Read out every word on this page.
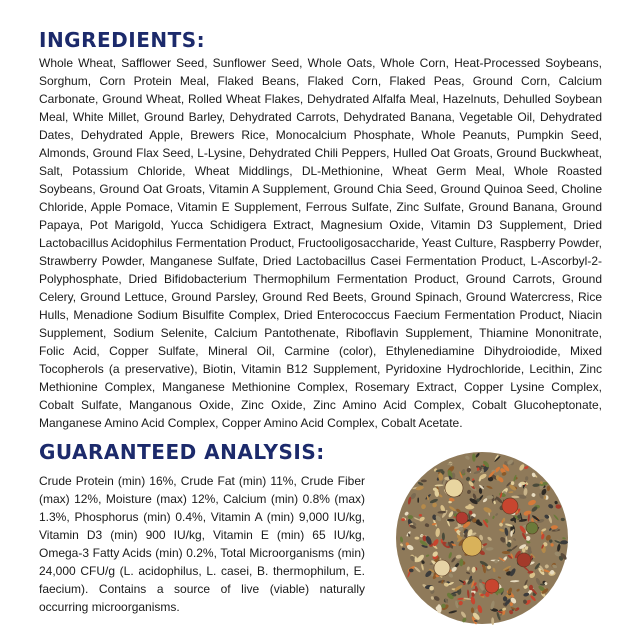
INGREDIENTS:

Whole Wheat, Safflower Seed, Sunflower Seed, Whole Oats, Whole Corn, Heat-Processed Soybeans, Sorghum, Corn Protein Meal, Flaked Beans, Flaked Corn, Flaked Peas, Ground Corn, Calcium Carbonate, Ground Wheat, Rolled Wheat Flakes, Dehydrated Alfalfa Meal, Hazelnuts, Dehulled Soybean Meal, White Millet, Ground Barley, Dehydrated Carrots, Dehydrated Banana, Vegetable Oil, Dehydrated Dates, Dehydrated Apple, Brewers Rice, Monocalcium Phosphate, Whole Peanuts, Pumpkin Seed, Almonds, Ground Flax Seed, L-Lysine, Dehydrated Chili Peppers, Hulled Oat Groats, Ground Buckwheat, Salt, Potassium Chloride, Wheat Middlings, DL-Methionine, Wheat Germ Meal, Whole Roasted Soybeans, Ground Oat Groats, Vitamin A Supplement, Ground Chia Seed, Ground Quinoa Seed, Choline Chloride, Apple Pomace, Vitamin E Supplement, Ferrous Sulfate, Zinc Sulfate, Ground Banana, Ground Papaya, Pot Marigold, Yucca Schidigera Extract, Magnesium Oxide, Vitamin D3 Supplement, Dried Lactobacillus Acidophilus Fermentation Product, Fructooligosaccharide, Yeast Culture, Raspberry Powder, Strawberry Powder, Manganese Sulfate, Dried Lactobacillus Casei Fermentation Product, L-Ascorbyl-2-Polyphosphate, Dried Bifidobacterium Thermophilum Fermentation Product, Ground Carrots, Ground Celery, Ground Lettuce, Ground Parsley, Ground Red Beets, Ground Spinach, Ground Watercress, Rice Hulls, Menadione Sodium Bisulfite Complex, Dried Enterococcus Faecium Fermentation Product, Niacin Supplement, Sodium Selenite, Calcium Pantothenate, Riboflavin Supplement, Thiamine Mononitrate, Folic Acid, Copper Sulfate, Mineral Oil, Carmine (color), Ethylenediamine Dihydroiodide, Mixed Tocopherols (a preservative), Biotin, Vitamin B12 Supplement, Pyridoxine Hydrochloride, Lecithin, Zinc Methionine Complex, Manganese Methionine Complex, Rosemary Extract, Copper Lysine Complex, Cobalt Sulfate, Manganous Oxide, Zinc Oxide, Zinc Amino Acid Complex, Cobalt Glucoheptonate, Manganese Amino Acid Complex, Copper Amino Acid Complex, Cobalt Acetate.

GUARANTEED ANALYSIS:

Crude Protein (min) 16%, Crude Fat (min) 11%, Crude Fiber (max) 12%, Moisture (max) 12%, Calcium (min) 0.8% (max) 1.3%, Phosphorus (min) 0.4%, Vitamin A (min) 9,000 IU/kg, Vitamin D3 (min) 900 IU/kg, Vitamin E (min) 65 IU/kg, Omega-3 Fatty Acids (min) 0.2%, Total Microorganisms (min) 24,000 CFU/g (L. acidophilus, L. casei, B. thermophilum, E. faecium). Contains a source of live (viable) naturally occurring microorganisms.
